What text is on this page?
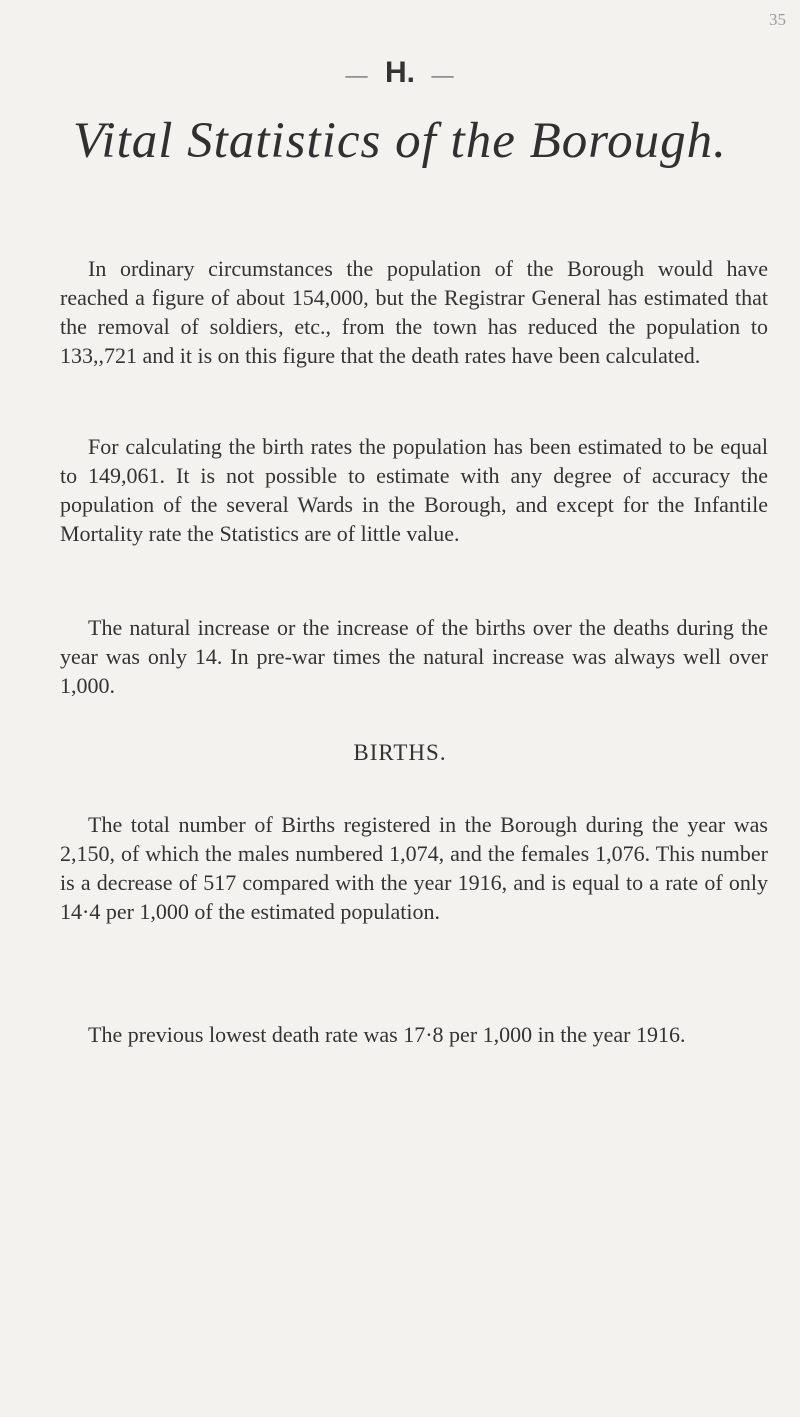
35
— H. —
Vital Statistics of the Borough.

In ordinary circumstances the population of the Borough would have reached a figure of about 154,000, but the Registrar General has estimated that the removal of soldiers, etc., from the town has reduced the population to 133,,721 and it is on this figure that the death rates have been calculated.

For calculating the birth rates the population has been estimated to be equal to 149,061. It is not possible to estimate with any degree of accuracy the population of the several Wards in the Borough, and except for the Infantile Mortality rate the Statistics are of little value.

The natural increase or the increase of the births over the deaths during the year was only 14. In pre-war times the natural increase was always well over 1,000.

BIRTHS.

The total number of Births registered in the Borough during the year was 2,150, of which the males numbered 1,074, and the females 1,076. This number is a decrease of 517 compared with the year 1916, and is equal to a rate of only 14·4 per 1,000 of the estimated population.

The previous lowest death rate was 17·8 per 1,000 in the year 1916.
